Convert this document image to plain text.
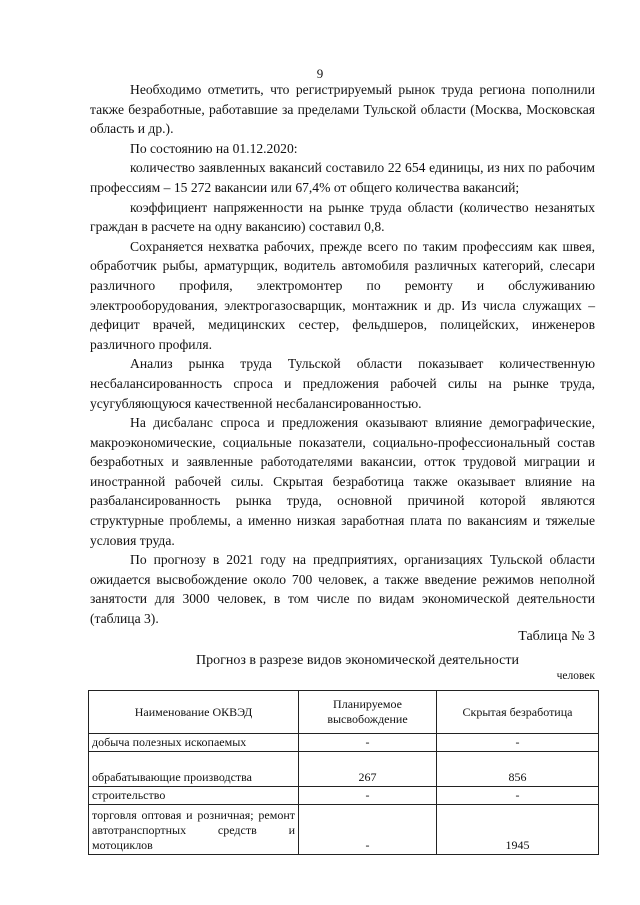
9

Необходимо отметить, что регистрируемый рынок труда региона пополнили также безработные, работавшие за пределами Тульской области (Москва, Московская область и др.).

По состоянию на 01.12.2020:

количество заявленных вакансий составило 22 654 единицы, из них по рабочим профессиям – 15 272 вакансии или 67,4% от общего количества вакансий;

коэффициент напряженности на рынке труда области (количество незанятых граждан в расчете на одну вакансию) составил 0,8.

Сохраняется нехватка рабочих, прежде всего по таким профессиям как швея, обработчик рыбы, арматурщик, водитель автомобиля различных категорий, слесари различного профиля, электромонтер по ремонту и обслуживанию электрооборудования, электрогазосварщик, монтажник и др. Из числа служащих – дефицит врачей, медицинских сестер, фельдшеров, полицейских, инженеров различного профиля.

Анализ рынка труда Тульской области показывает количественную несбалансированность спроса и предложения рабочей силы на рынке труда, усугубляющуюся качественной несбалансированностью.

На дисбаланс спроса и предложения оказывают влияние демографические, макроэкономические, социальные показатели, социально-профессиональный состав безработных и заявленные работодателями вакансии, отток трудовой миграции и иностранной рабочей силы. Скрытая безработица также оказывает влияние на разбалансированность рынка труда, основной причиной которой являются структурные проблемы, а именно низкая заработная плата по вакансиям и тяжелые условия труда.

По прогнозу в 2021 году на предприятиях, организациях Тульской области ожидается высвобождение около 700 человек, а также введение режимов неполной занятости для 3000 человек, в том числе по видам экономической деятельности (таблица 3).

Таблица № 3
Прогноз в разрезе видов экономической деятельности
человек
Наименование ОКВЭД	Планируемое высвобождение	Скрытая безработица
добыча полезных ископаемых	-	-
обрабатывающие производства	267	856
строительство	-	-
торговля оптовая и розничная; ремонт автотранспортных средств и мотоциклов	-	1945
